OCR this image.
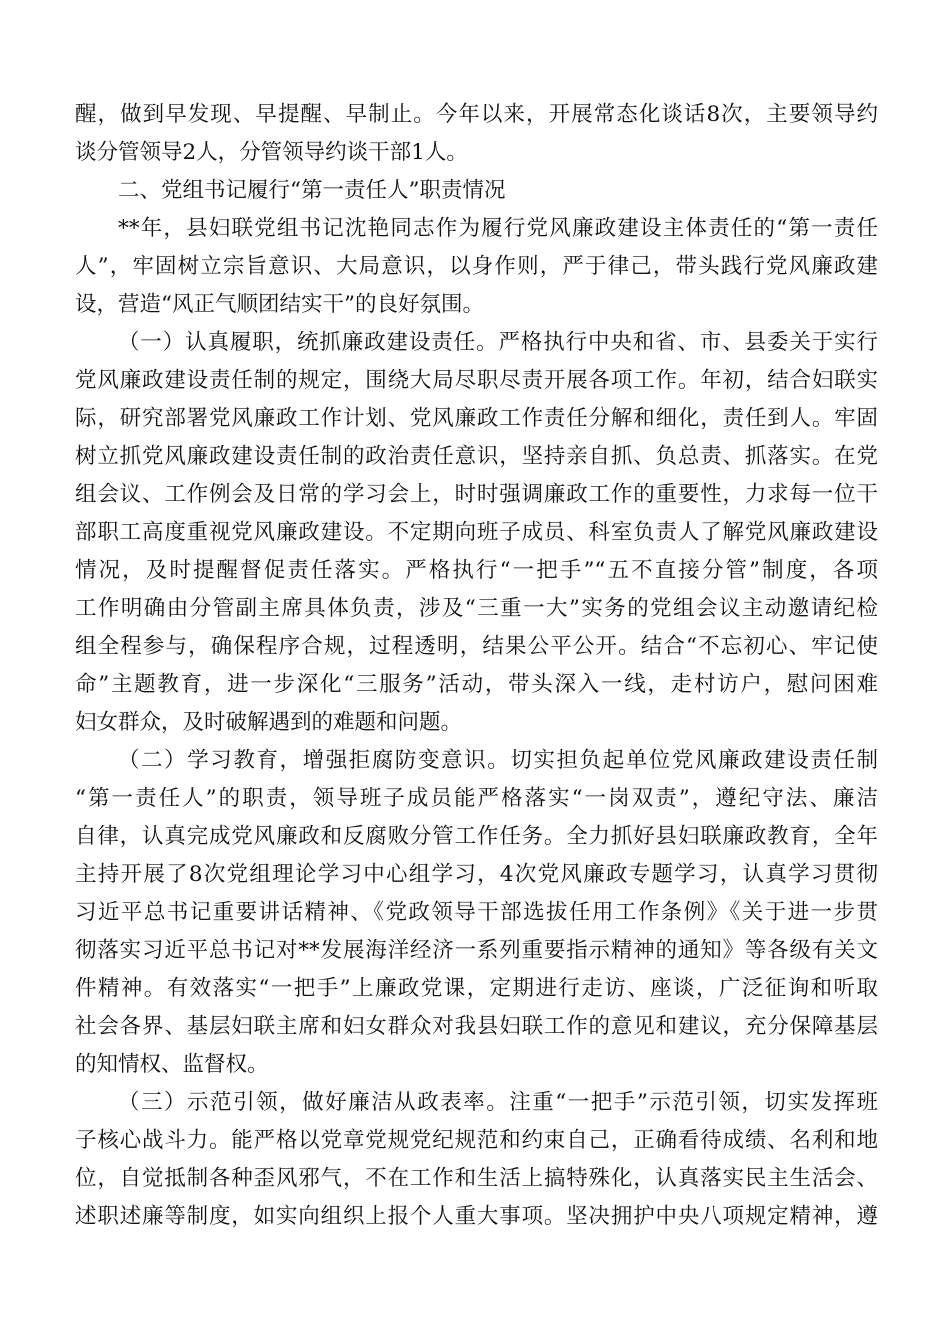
醒，做到早发现、早提醒、早制止。今年以来，开展常态化谈话8次，主要领导约
谈分管领导2人，分管领导约谈干部1人。
二、党组书记履行“第一责任人”职责情况
**年，县妇联党组书记沈艳同志作为履行党风廉政建设主体责任的“第一责任
人”，牢固树立宗旨意识、大局意识，以身作则，严于律己，带头践行党风廉政建
设，营造“风正气顺团结实干”的良好氛围。
（一）认真履职，统抓廉政建设责任。严格执行中央和省、市、县委关于实行
党风廉政建设责任制的规定，围绕大局尽职尽责开展各项工作。年初，结合妇联实
际，研究部署党风廉政工作计划、党风廉政工作责任分解和细化，责任到人。牢固
树立抓党风廉政建设责任制的政治责任意识，坚持亲自抓、负总责、抓落实。在党
组会议、工作例会及日常的学习会上，时时强调廉政工作的重要性，力求每一位干
部职工高度重视党风廉政建设。不定期向班子成员、科室负责人了解党风廉政建设
情况，及时提醒督促责任落实。严格执行“一把手”“五不直接分管”制度，各项
工作明确由分管副主席具体负责，涉及“三重一大”实务的党组会议主动邀请纪检
组全程参与，确保程序合规，过程透明，结果公平公开。结合“不忘初心、牢记使
命”主题教育，进一步深化“三服务”活动，带头深入一线，走村访户，慰问困难
妇女群众，及时破解遇到的难题和问题。
（二）学习教育，增强拒腐防变意识。切实担负起单位党风廉政建设责任制
“第一责任人”的职责，领导班子成员能严格落实“一岗双责”，遵纪守法、廉洁
自律，认真完成党风廉政和反腐败分管工作任务。全力抓好县妇联廉政教育，全年
主持开展了8次党组理论学习中心组学习，4次党风廉政专题学习，认真学习贯彻
习近平总书记重要讲话精神、《党政领导干部选拔任用工作条例》《关于进一步贯
彻落实习近平总书记对**发展海洋经济一系列重要指示精神的通知》等各级有关文
件精神。有效落实“一把手”上廉政党课，定期进行走访、座谈，广泛征询和听取
社会各界、基层妇联主席和妇女群众对我县妇联工作的意见和建议，充分保障基层
的知情权、监督权。
（三）示范引领，做好廉洁从政表率。注重“一把手”示范引领，切实发挥班
子核心战斗力。能严格以党章党规党纪规范和约束自己，正确看待成绩、名利和地
位，自觉抵制各种歪风邪气，不在工作和生活上搞特殊化，认真落实民主生活会、
述职述廉等制度，如实向组织上报个人重大事项。坚决拥护中央八项规定精神，遵
